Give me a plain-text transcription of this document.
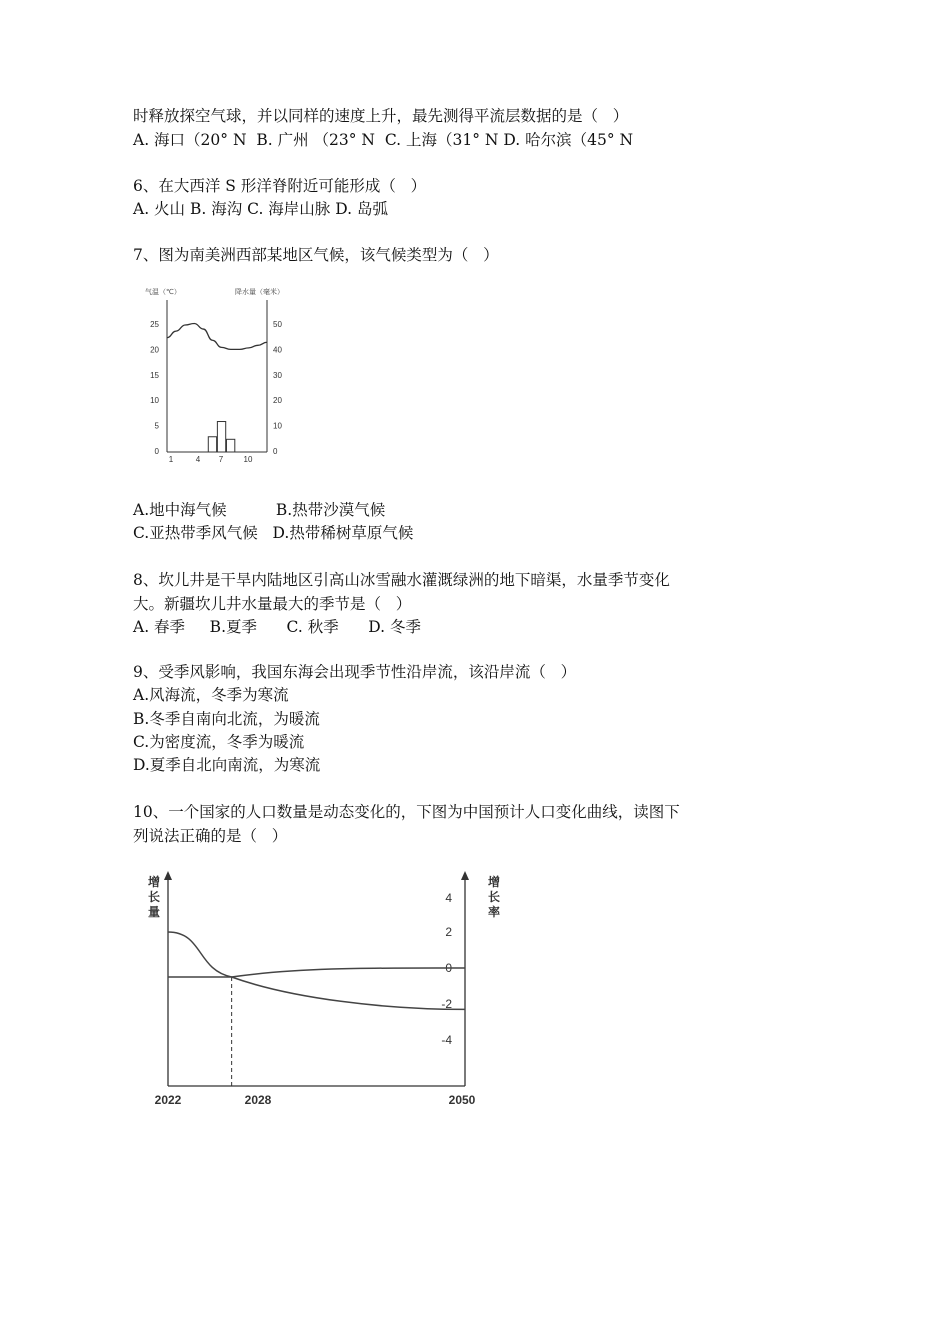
时释放探空气球，并以同样的速度上升，最先测得平流层数据的是（   ）
A. 海口（20° N  B. 广州 （23° N  C. 上海（31° N D. 哈尔滨（45° N
6、在大西洋 S 形洋脊附近可能形成（   ）
A. 火山 B. 海沟 C. 海岸山脉 D. 岛弧
7、图为南美洲西部某地区气候，该气候类型为（   ）
气温（℃）	降水量（毫米）
0
5
10
15
20
25
0
10
20
30
40
50
1	4 7	10
A.地中海气候          B.热带沙漠气候
C.亚热带季风气候   D.热带稀树草原气候
8、坎儿井是干旱内陆地区引高山冰雪融水灌溉绿洲的地下暗渠，水量季节变化
大。新疆坎儿井水量最大的季节是（   ）
A. 春季     B.夏季      C. 秋季      D. 冬季
9、受季风影响，我国东海会出现季节性沿岸流，该沿岸流（   ）
A.风海流，冬季为寒流
B.冬季自南向北流，为暖流
C.为密度流，冬季为暖流
D.夏季自北向南流，为寒流
10、一个国家的人口数量是动态变化的，下图为中国预计人口变化曲线，读图下
列说法正确的是（   ）
增
长
量
增
长
率
4
2
0
-2
-4
2022	2028	2050
